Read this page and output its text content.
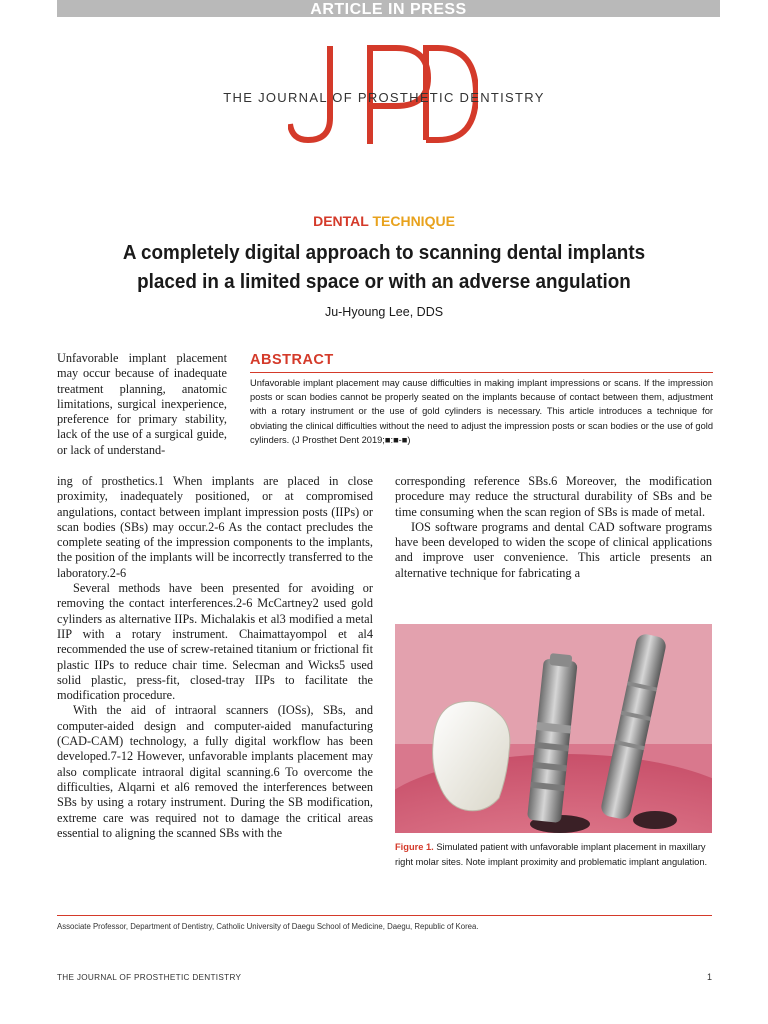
ARTICLE IN PRESS
THE JOURNAL OF PROSTHETIC DENTISTRY
DENTAL TECHNIQUE
A completely digital approach to scanning dental implants
placed in a limited space or with an adverse angulation
Ju-Hyoung Lee, DDS
ABSTRACT
Unfavorable implant placement may cause difficulties in making implant impressions or scans. If the impression posts or scan bodies cannot be properly seated on the implants because of contact between them, adjustment with a rotary instrument or the use of gold cylinders is necessary. This article introduces a technique for obviating the clinical difficulties without the need to adjust the impression posts or scan bodies or the use of gold cylinders. (J Prosthet Dent 2019;■:■-■)

Unfavorable implant placement may occur because of inadequate treatment planning, anatomic limitations, surgical inexperience, preference for primary stability, lack of the use of a surgical guide, or lack of understand-

ing of prosthetics.1 When implants are placed in close proximity, inadequately positioned, or at compromised angulations, contact between implant impression posts (IIPs) or scan bodies (SBs) may occur.2-6 As the contact precludes the complete seating of the impression components to the implants, the position of the implants will be incorrectly transferred to the laboratory.2-6

Several methods have been presented for avoiding or removing the contact interferences.2-6 McCartney2 used gold cylinders as alternative IIPs. Michalakis et al3 modified a metal IIP with a rotary instrument. Chaimattayompol et al4 recommended the use of screw-retained titanium or frictional fit plastic IIPs to reduce chair time. Selecman and Wicks5 used solid plastic, press-fit, closed-tray IIPs to facilitate the modification procedure.

With the aid of intraoral scanners (IOSs), SBs, and computer-aided design and computer-aided manufacturing (CAD-CAM) technology, a fully digital workflow has been developed.7-12 However, unfavorable implants placement may also complicate intraoral digital scanning.6 To overcome the difficulties, Alqarni et al6 removed the interferences between SBs by using a rotary instrument. During the SB modification, extreme care was required not to damage the critical areas essential to aligning the scanned SBs with the

corresponding reference SBs.6 Moreover, the modification procedure may reduce the structural durability of SBs and be time consuming when the scan region of SBs is made of metal.

IOS software programs and dental CAD software programs have been developed to widen the scope of clinical applications and improve user convenience. This article presents an alternative technique for fabricating a

Figure 1. Simulated patient with unfavorable implant placement in maxillary right molar sites. Note implant proximity and problematic implant angulation.
Associate Professor, Department of Dentistry, Catholic University of Daegu School of Medicine, Daegu, Republic of Korea.
THE JOURNAL OF PROSTHETIC DENTISTRY	1
